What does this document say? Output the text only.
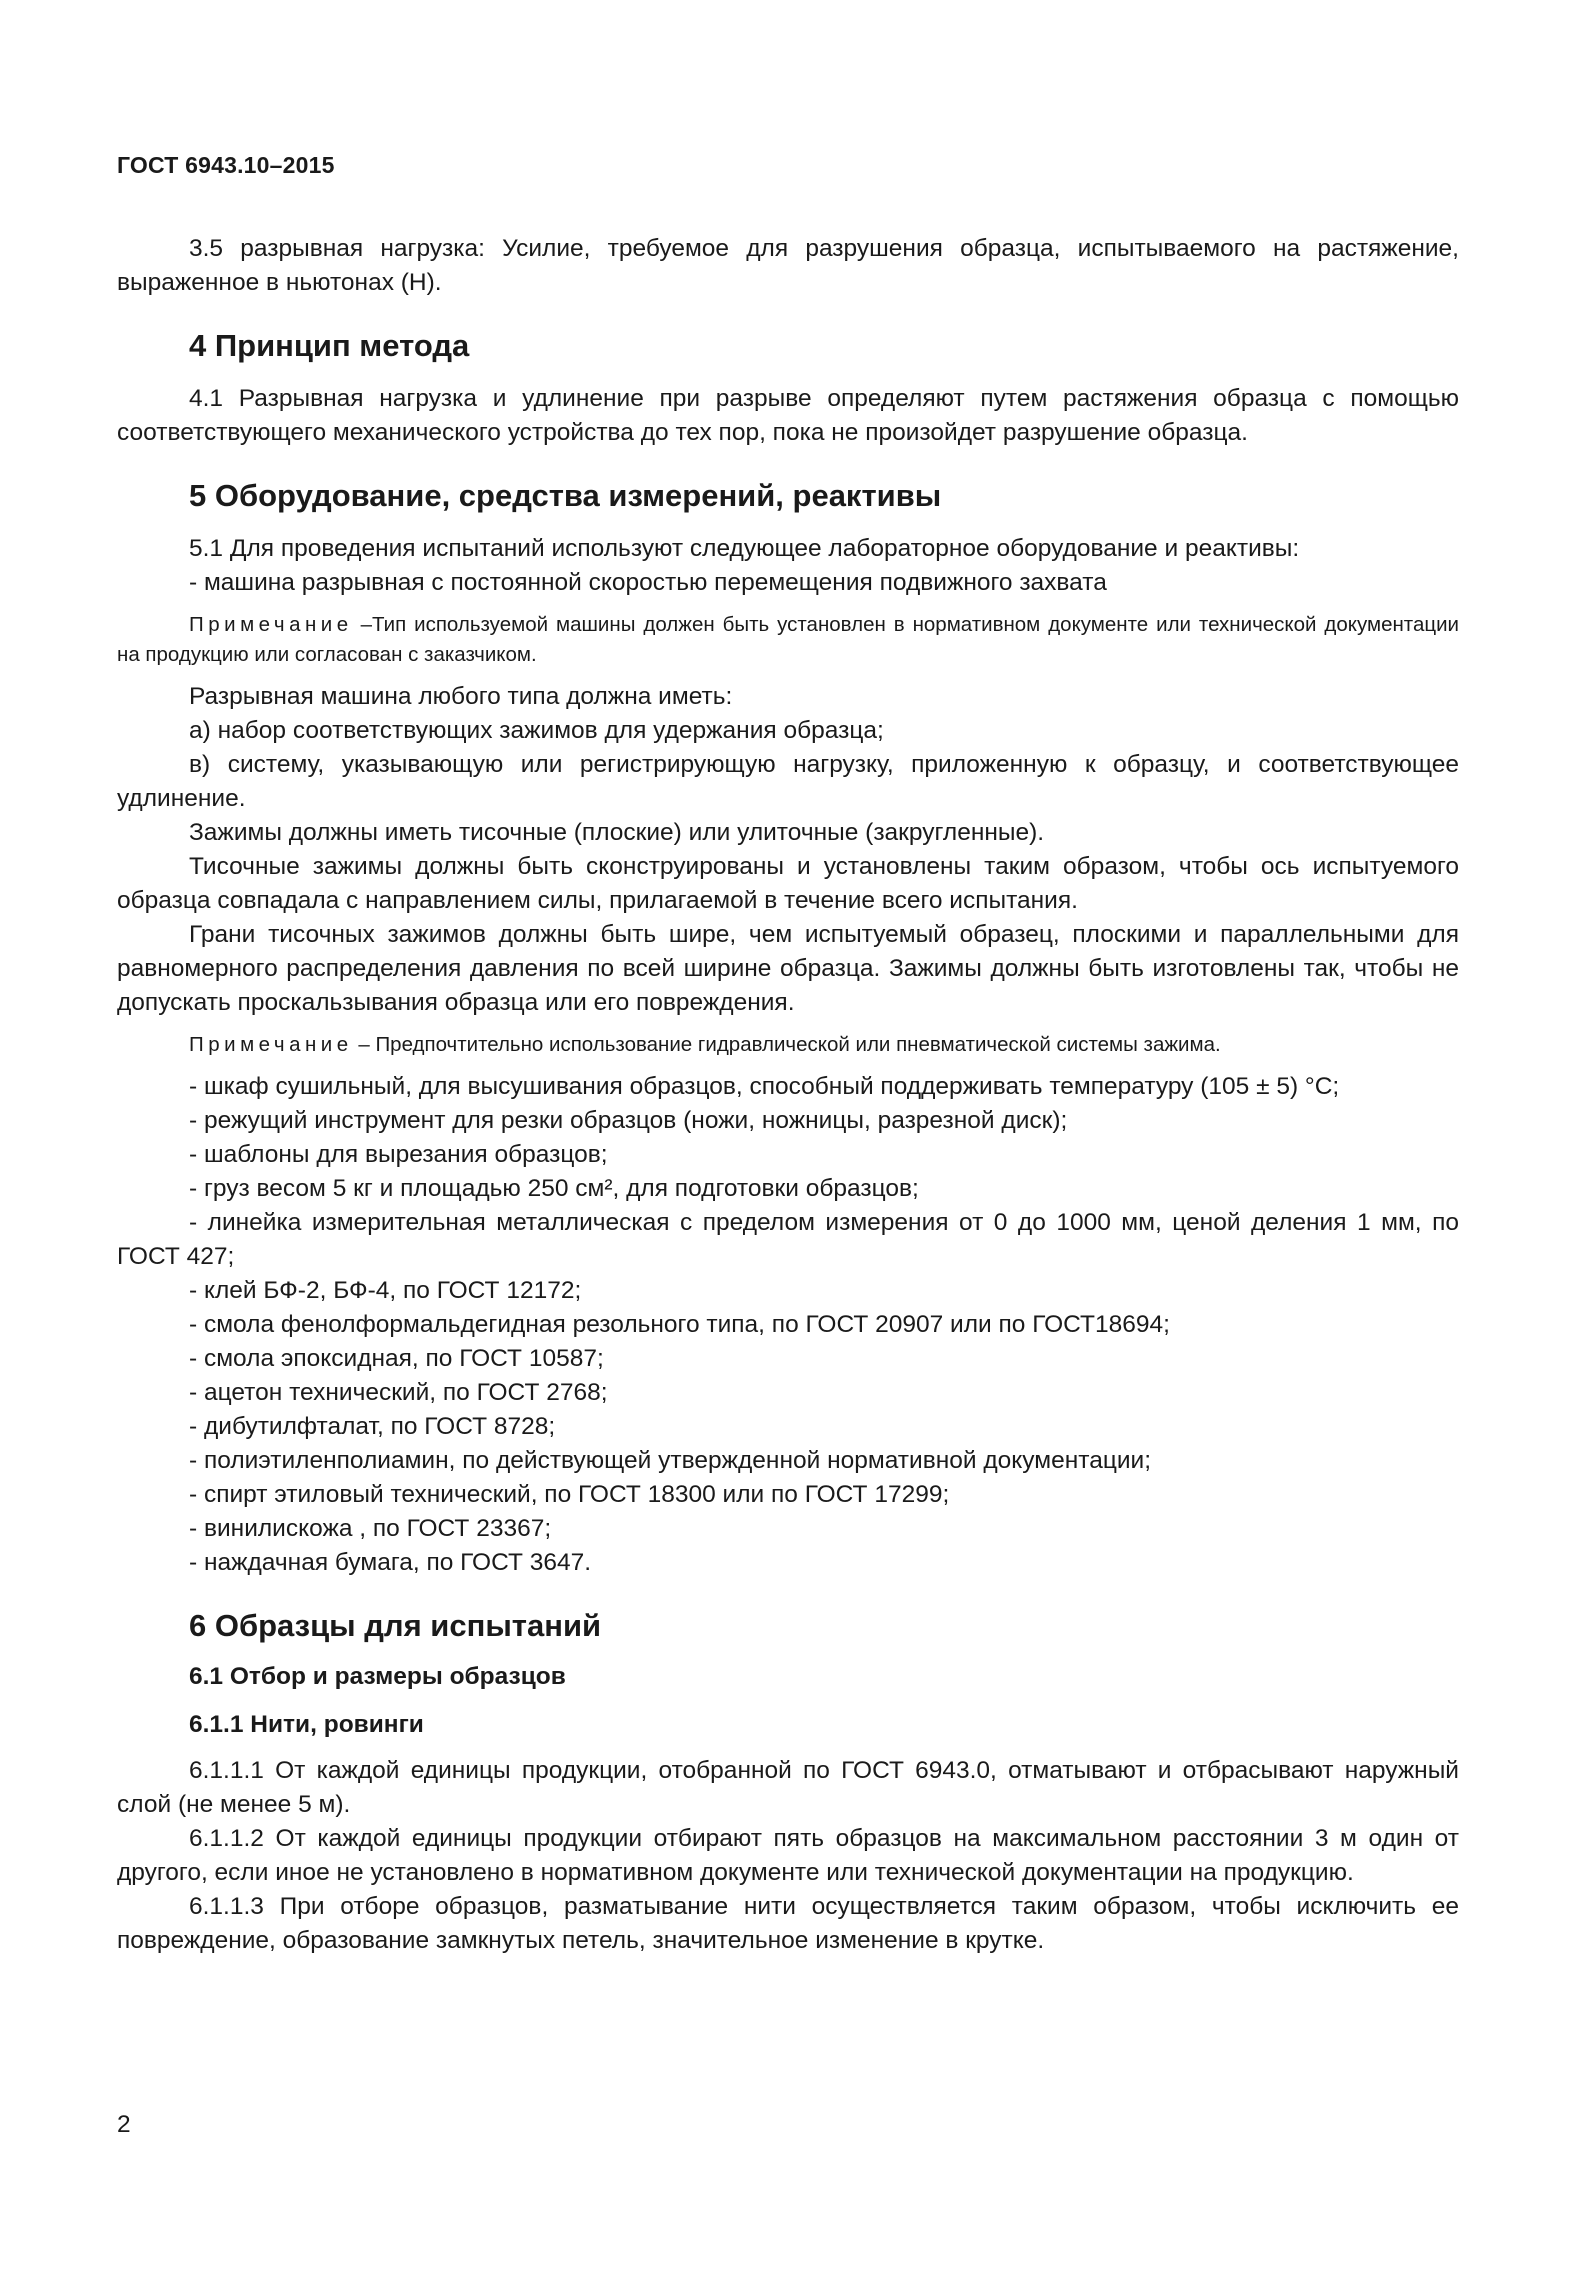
ГОСТ 6943.10–2015

3.5 разрывная нагрузка: Усилие, требуемое для разрушения образца, испытываемого на растяжение, выраженное в ньютонах (Н).

4 Принцип метода

4.1 Разрывная нагрузка и удлинение при разрыве определяют путем растяжения образца с помощью соответствующего механического устройства до тех пор, пока не произойдет разрушение образца.

5 Оборудование, средства измерений, реактивы

5.1 Для проведения испытаний используют следующее лабораторное оборудование и реактивы:

- машина разрывная с постоянной скоростью перемещения подвижного захвата

Примечание –Тип используемой машины должен быть установлен в нормативном документе или технической документации на продукцию или согласован с заказчиком.

Разрывная машина любого типа должна иметь:

а) набор соответствующих зажимов для удержания образца;

в) систему, указывающую или регистрирующую нагрузку, приложенную к образцу, и соответствующее удлинение.

Зажимы должны иметь тисочные (плоские) или улиточные (закругленные).

Тисочные зажимы должны быть сконструированы и установлены таким образом, чтобы ось испытуемого образца совпадала с направлением силы, прилагаемой в течение всего испытания.

Грани тисочных зажимов должны быть шире, чем испытуемый образец, плоскими и параллельными для равномерного распределения давления по всей ширине образца. Зажимы должны быть изготовлены так, чтобы не допускать проскальзывания образца или его повреждения.

Примечание – Предпочтительно использование гидравлической или пневматической системы зажима.

- шкаф сушильный, для высушивания образцов, способный поддерживать температуру (105 ± 5) °С;

- режущий инструмент для резки образцов (ножи, ножницы, разрезной диск);

- шаблоны для вырезания образцов;

- груз весом 5 кг и площадью 250 см², для подготовки образцов;

- линейка измерительная металлическая с пределом измерения от 0 до 1000 мм, ценой деления 1 мм, по ГОСТ 427;

- клей БФ-2, БФ-4, по ГОСТ 12172;

- смола фенолформальдегидная резольного типа, по ГОСТ 20907 или по ГОСТ18694;

- смола эпоксидная, по ГОСТ 10587;

- ацетон технический, по ГОСТ 2768;

- дибутилфталат, по ГОСТ 8728;

- полиэтиленполиамин, по действующей утвержденной нормативной документации;

- спирт этиловый технический, по ГОСТ 18300 или по ГОСТ 17299;

- винилискожа , по ГОСТ 23367;

- наждачная бумага, по ГОСТ 3647.

6 Образцы для испытаний
6.1 Отбор и размеры образцов
6.1.1 Нити, ровинги

6.1.1.1 От каждой единицы продукции, отобранной по ГОСТ 6943.0, отматывают и отбрасывают наружный слой (не менее 5 м).

6.1.1.2 От каждой единицы продукции отбирают пять образцов на максимальном расстоянии 3 м один от другого, если иное не установлено в нормативном документе или технической документации на продукцию.

6.1.1.3 При отборе образцов, разматывание нити осуществляется таким образом, чтобы исключить ее повреждение, образование замкнутых петель, значительное изменение в крутке.

2
